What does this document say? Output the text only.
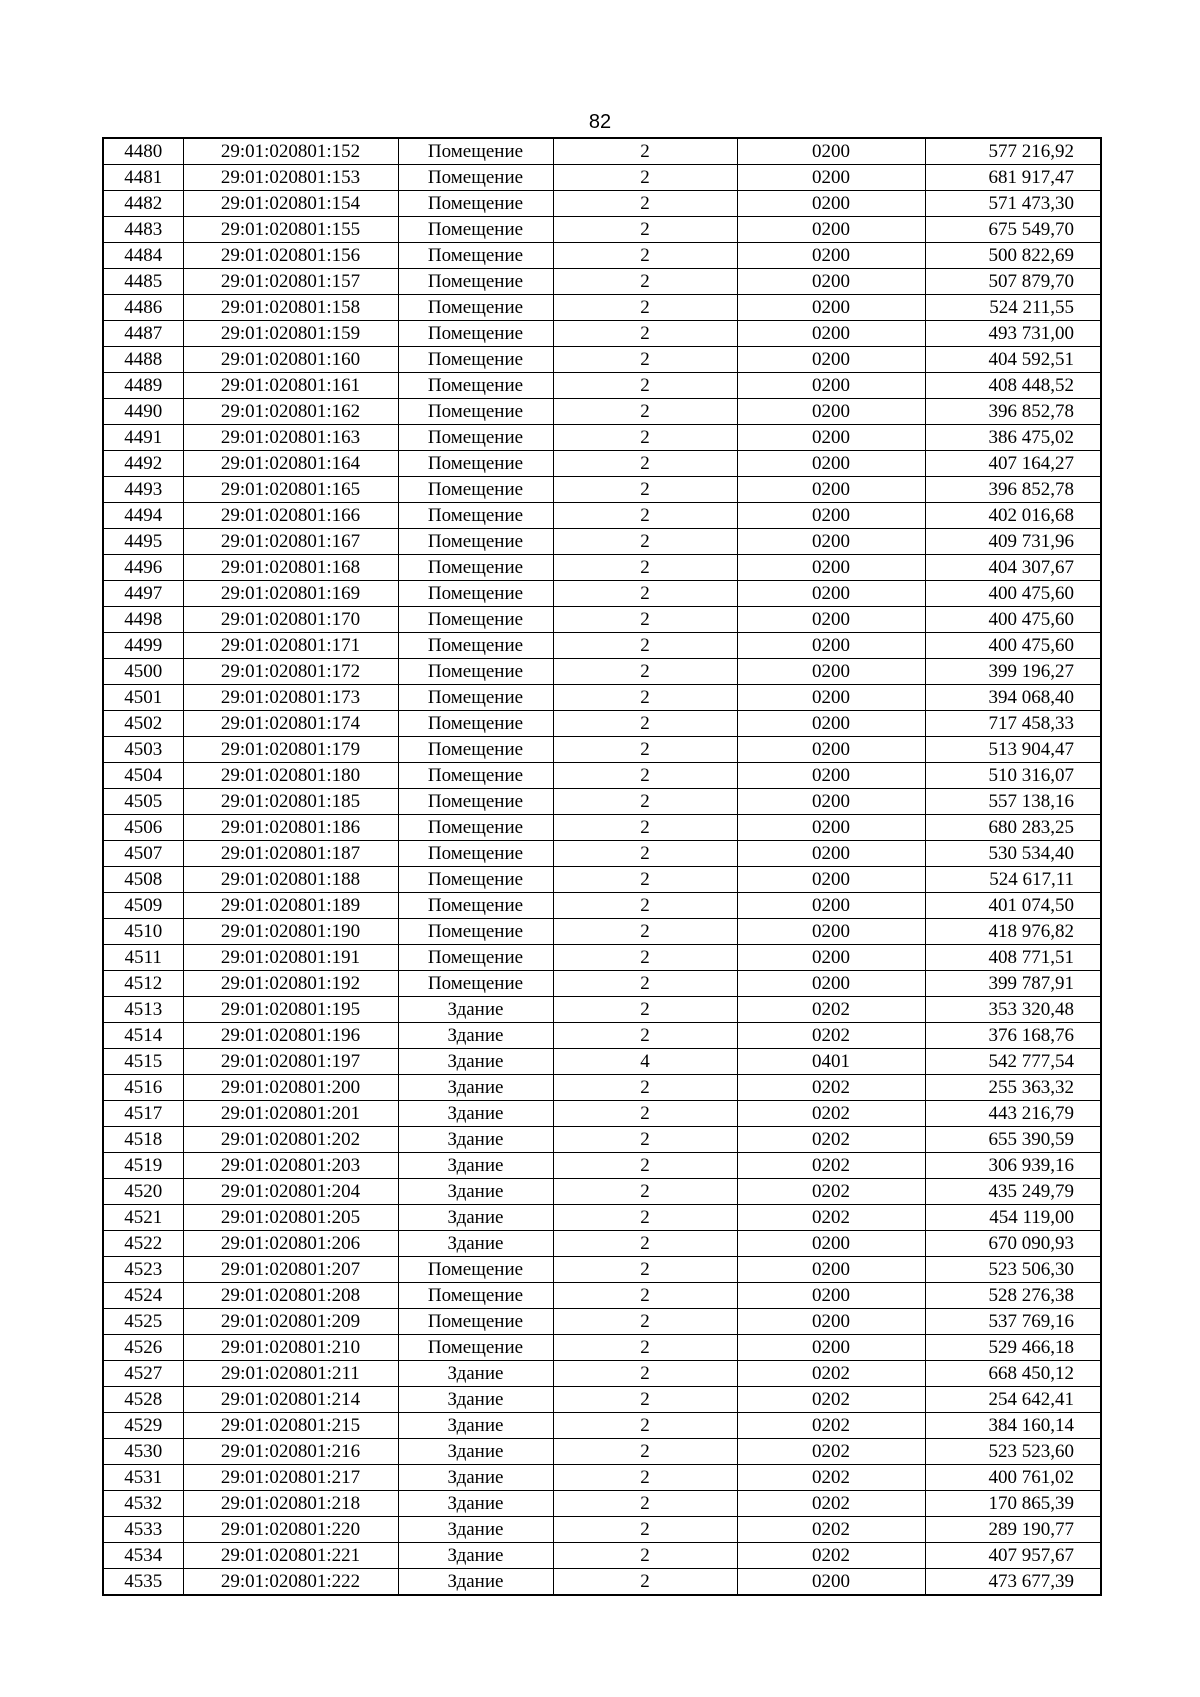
82
4480	29:01:020801:152	Помещение	2	0200	577 216,92
4481	29:01:020801:153	Помещение	2	0200	681 917,47
4482	29:01:020801:154	Помещение	2	0200	571 473,30
4483	29:01:020801:155	Помещение	2	0200	675 549,70
4484	29:01:020801:156	Помещение	2	0200	500 822,69
4485	29:01:020801:157	Помещение	2	0200	507 879,70
4486	29:01:020801:158	Помещение	2	0200	524 211,55
4487	29:01:020801:159	Помещение	2	0200	493 731,00
4488	29:01:020801:160	Помещение	2	0200	404 592,51
4489	29:01:020801:161	Помещение	2	0200	408 448,52
4490	29:01:020801:162	Помещение	2	0200	396 852,78
4491	29:01:020801:163	Помещение	2	0200	386 475,02
4492	29:01:020801:164	Помещение	2	0200	407 164,27
4493	29:01:020801:165	Помещение	2	0200	396 852,78
4494	29:01:020801:166	Помещение	2	0200	402 016,68
4495	29:01:020801:167	Помещение	2	0200	409 731,96
4496	29:01:020801:168	Помещение	2	0200	404 307,67
4497	29:01:020801:169	Помещение	2	0200	400 475,60
4498	29:01:020801:170	Помещение	2	0200	400 475,60
4499	29:01:020801:171	Помещение	2	0200	400 475,60
4500	29:01:020801:172	Помещение	2	0200	399 196,27
4501	29:01:020801:173	Помещение	2	0200	394 068,40
4502	29:01:020801:174	Помещение	2	0200	717 458,33
4503	29:01:020801:179	Помещение	2	0200	513 904,47
4504	29:01:020801:180	Помещение	2	0200	510 316,07
4505	29:01:020801:185	Помещение	2	0200	557 138,16
4506	29:01:020801:186	Помещение	2	0200	680 283,25
4507	29:01:020801:187	Помещение	2	0200	530 534,40
4508	29:01:020801:188	Помещение	2	0200	524 617,11
4509	29:01:020801:189	Помещение	2	0200	401 074,50
4510	29:01:020801:190	Помещение	2	0200	418 976,82
4511	29:01:020801:191	Помещение	2	0200	408 771,51
4512	29:01:020801:192	Помещение	2	0200	399 787,91
4513	29:01:020801:195	Здание	2	0202	353 320,48
4514	29:01:020801:196	Здание	2	0202	376 168,76
4515	29:01:020801:197	Здание	4	0401	542 777,54
4516	29:01:020801:200	Здание	2	0202	255 363,32
4517	29:01:020801:201	Здание	2	0202	443 216,79
4518	29:01:020801:202	Здание	2	0202	655 390,59
4519	29:01:020801:203	Здание	2	0202	306 939,16
4520	29:01:020801:204	Здание	2	0202	435 249,79
4521	29:01:020801:205	Здание	2	0202	454 119,00
4522	29:01:020801:206	Здание	2	0200	670 090,93
4523	29:01:020801:207	Помещение	2	0200	523 506,30
4524	29:01:020801:208	Помещение	2	0200	528 276,38
4525	29:01:020801:209	Помещение	2	0200	537 769,16
4526	29:01:020801:210	Помещение	2	0200	529 466,18
4527	29:01:020801:211	Здание	2	0202	668 450,12
4528	29:01:020801:214	Здание	2	0202	254 642,41
4529	29:01:020801:215	Здание	2	0202	384 160,14
4530	29:01:020801:216	Здание	2	0202	523 523,60
4531	29:01:020801:217	Здание	2	0202	400 761,02
4532	29:01:020801:218	Здание	2	0202	170 865,39
4533	29:01:020801:220	Здание	2	0202	289 190,77
4534	29:01:020801:221	Здание	2	0202	407 957,67
4535	29:01:020801:222	Здание	2	0200	473 677,39
